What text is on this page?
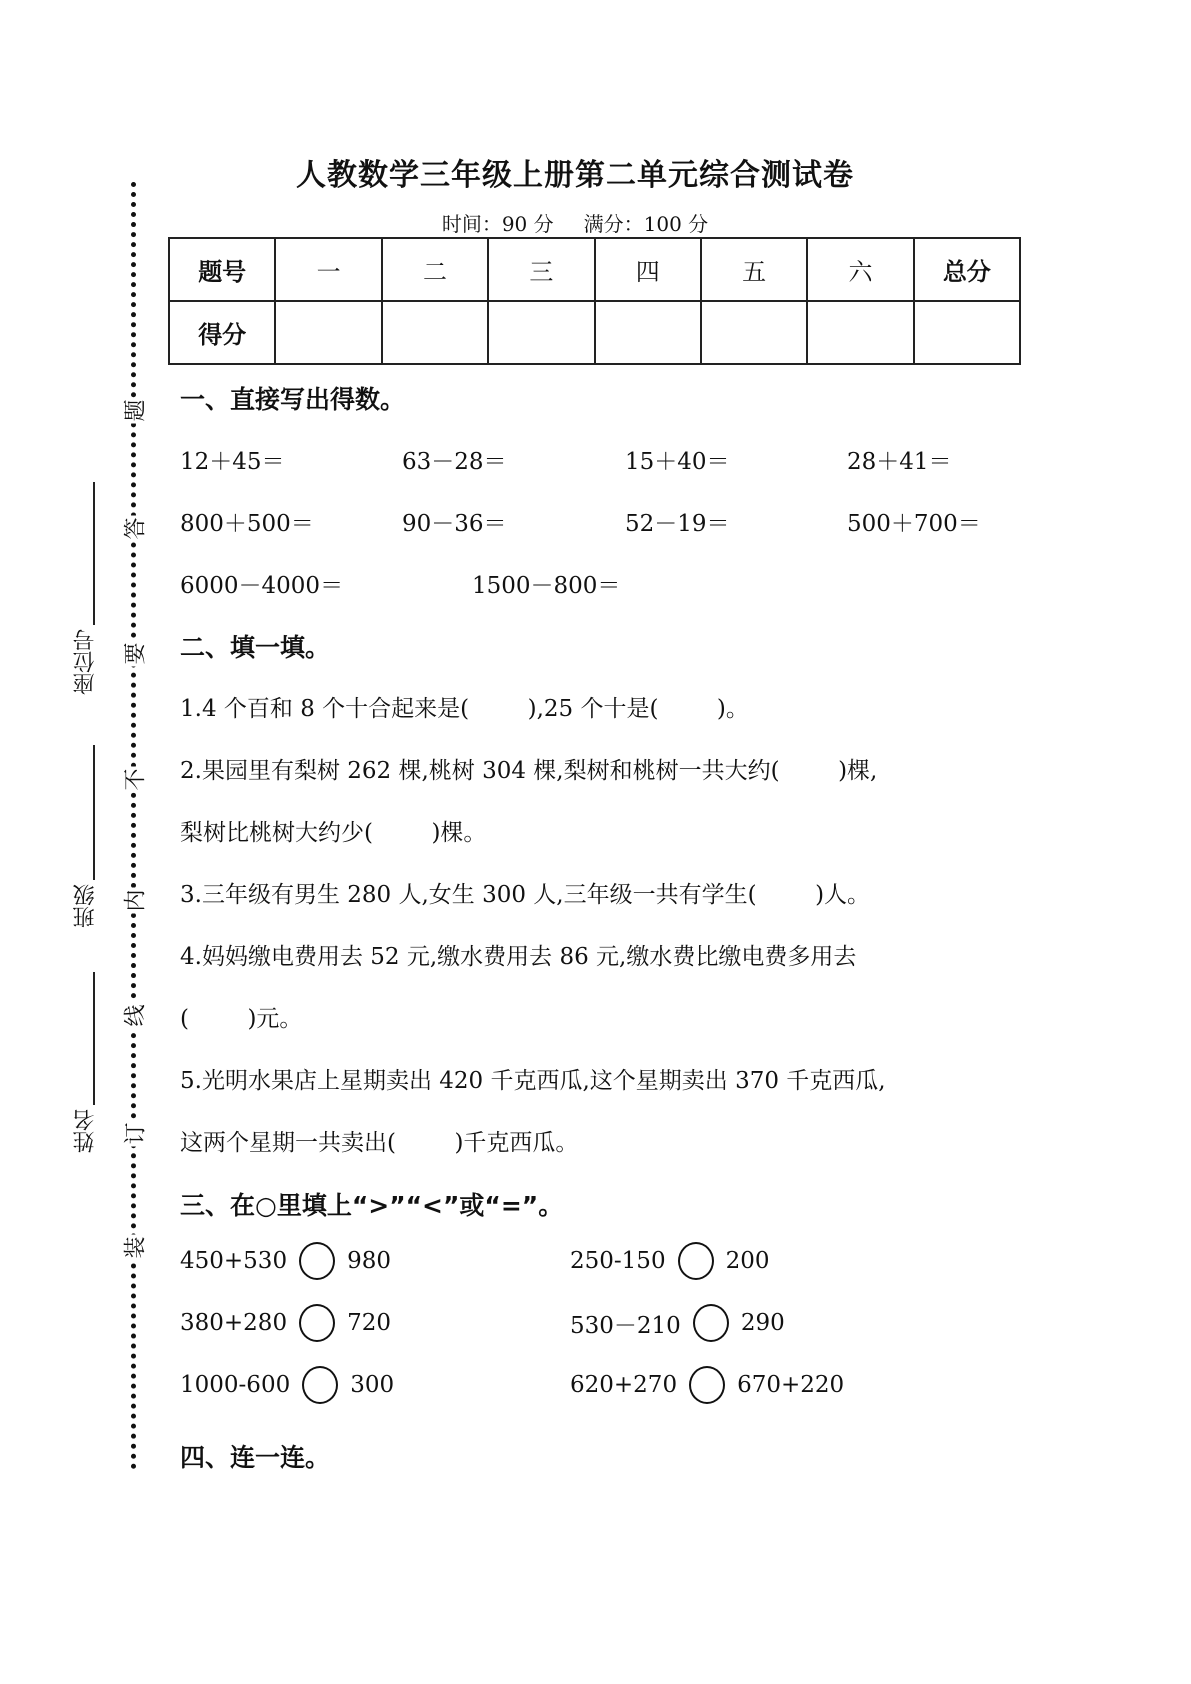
题
答
要
不
内
线
订
装
座位号
班级
姓名
人教数学三年级上册第二单元综合测试卷
时间：90 分 满分：100 分
题号	一	二	三	四	五	六	总分
得分							
一、直接写出得数。
12＋45＝	63－28＝	15＋40＝	28＋41＝
800＋500＝	90－36＝	52－19＝	500＋700＝
6000－4000＝	1500－800＝
二、填一填。
1.4 个百和 8 个十合起来是(        ),25 个十是(        )。
2.果园里有梨树 262 棵,桃树 304 棵,梨树和桃树一共大约(        )棵,
梨树比桃树大约少(        )棵。
3.三年级有男生 280 人,女生 300 人,三年级一共有学生(        )人。
4.妈妈缴电费用去 52 元,缴水费用去 86 元,缴水费比缴电费多用去
(        )元。
5.光明水果店上星期卖出 420 千克西瓜,这个星期卖出 370 千克西瓜,
这两个星期一共卖出(        )千克西瓜。
三、在○里填上“>”“<”或“=”。
450+530	980	250-150	200
380+280	720	530－210	290
1000-600	300	620+270	670+220
四、连一连。
